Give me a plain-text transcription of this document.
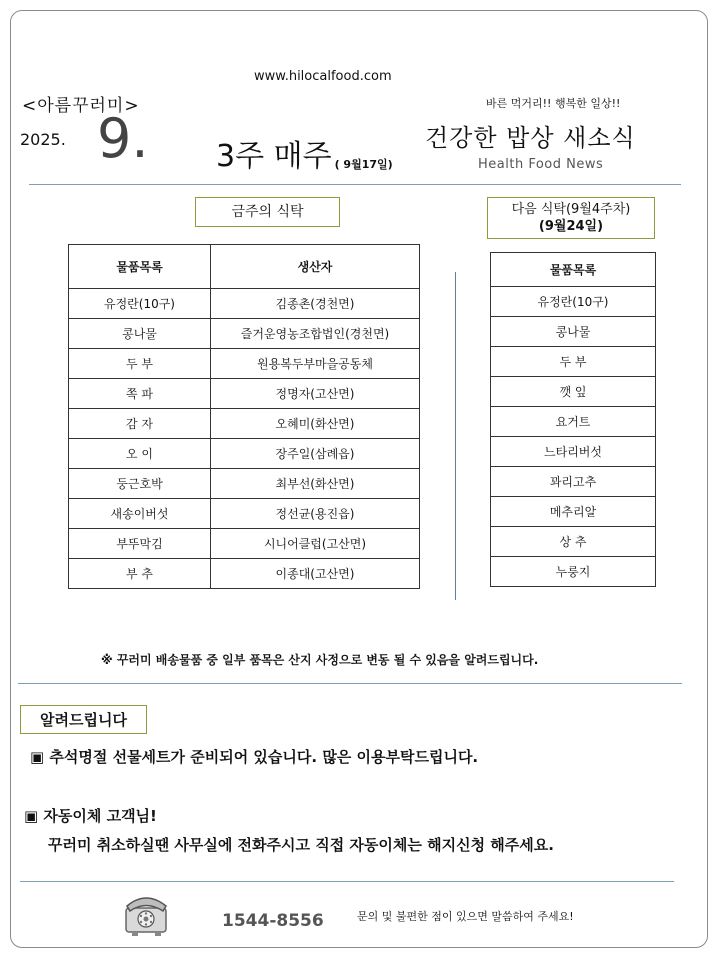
www.hilocalfood.com
<아름꾸러미>
2025. 9. 3주 매주 ( 9월17일)
바른 먹거리!! 행복한 일상!!
건강한 밥상 새소식
Health Food News
금주의 식탁
물품목록	생산자
유정란(10구)	김종촌(경천면)
콩나물	즐거운영농조합법인(경천면)
두 부	원용복두부마을공동체
쪽 파	정명자(고산면)
감 자	오혜미(화산면)
오 이	장주일(삼례읍)
둥근호박	최부선(화산면)
새송이버섯	정선균(용진읍)
부뚜막김	시니어클럽(고산면)
부 추	이종대(고산면)
다음 식탁(9월4주차)
(9월24일)
물품목록
유정란(10구)
콩나물
두 부
깻 잎
요거트
느타리버섯
꽈리고추
메추리알
상 추
누룽지
※ 꾸러미 배송물품 중 일부 품목은 산지 사정으로 변동 될 수 있음을 알려드립니다.
알려드립니다
▣ 추석명절 선물세트가 준비되어 있습니다. 많은 이용부탁드립니다.
▣ 자동이체 고객님!
꾸러미 취소하실땐 사무실에 전화주시고 직접 자동이체는 해지신청 해주세요.
1544-8556	문의 및 불편한 점이 있으면 말씀하여 주세요!
